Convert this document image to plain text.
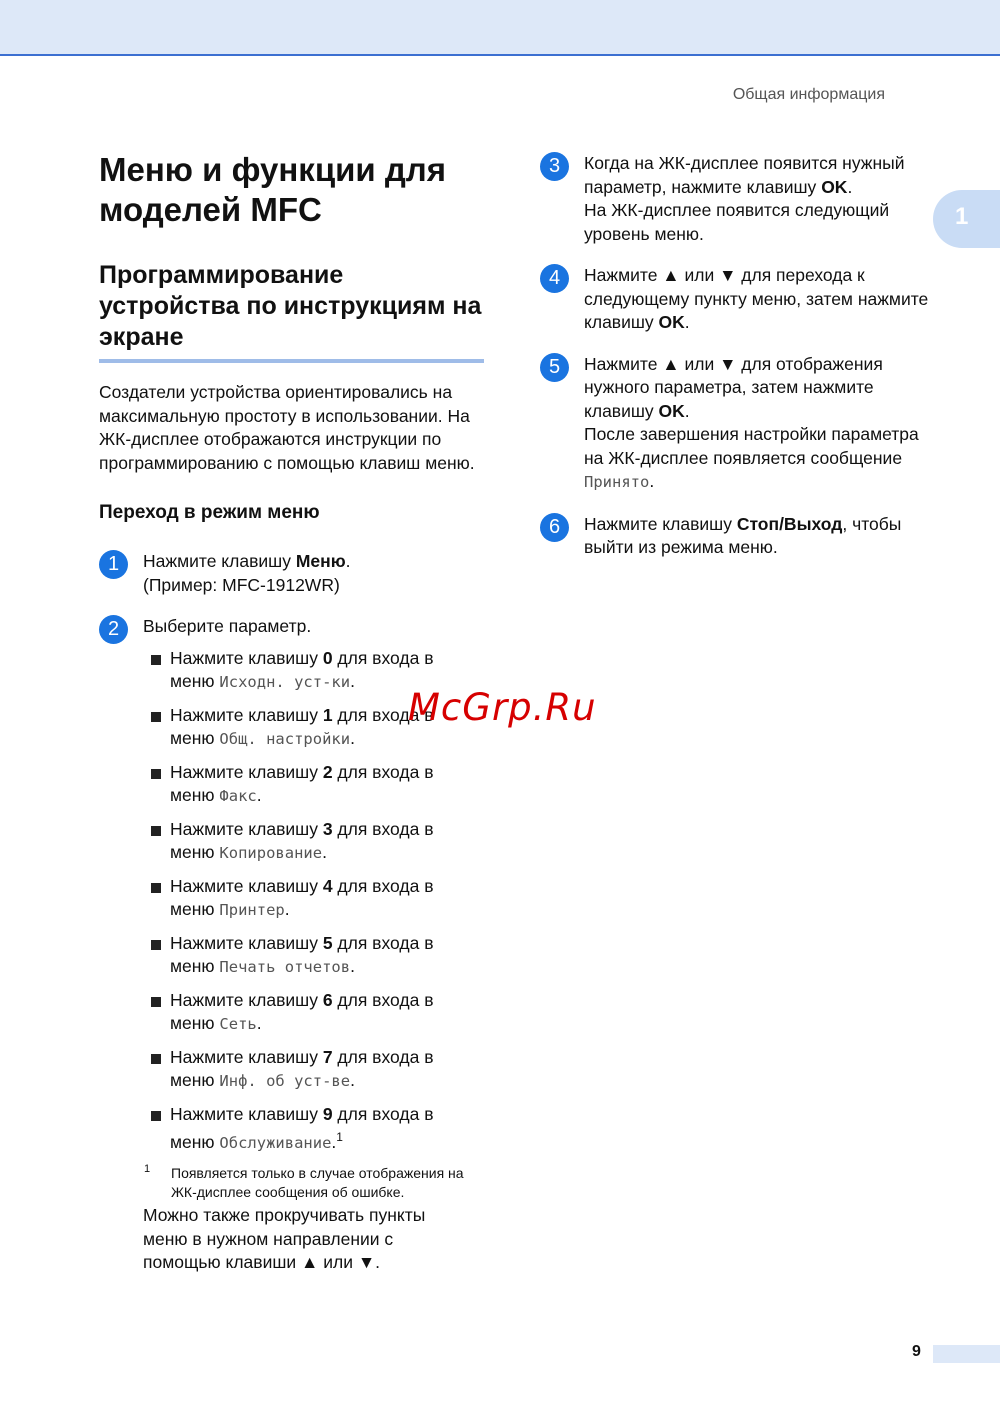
Общая информация
1
Меню и функции для моделей MFC
Программирование устройства по инструкциям на экране
Создатели устройства ориентировались на максимальную простоту в использовании. На ЖК-дисплее отображаются инструкции по программированию с помощью клавиш меню.
Переход в режим меню
1	Нажмите клавишу Меню.
(Пример: MFC-1912WR)
2	Выберите параметр.
Нажмите клавишу 0 для входа в меню Исходн. уст-ки.
Нажмите клавишу 1 для входа в меню Общ. настройки.
Нажмите клавишу 2 для входа в меню Факс.
Нажмите клавишу 3 для входа в меню Копирование.
Нажмите клавишу 4 для входа в меню Принтер.
Нажмите клавишу 5 для входа в меню Печать отчетов.
Нажмите клавишу 6 для входа в меню Сеть.
Нажмите клавишу 7 для входа в меню Инф. об уст-ве.
Нажмите клавишу 9 для входа в меню Обслуживание.$^1$
1 Появляется только в случае отображения на ЖК-дисплее сообщения об ошибке.
Можно также прокручивать пункты меню в нужном направлении с помощью клавиши ▲ или ▼.
3	Когда на ЖК-дисплее появится нужный параметр, нажмите клавишу OK.
На ЖК-дисплее появится следующий уровень меню.
4	Нажмите ▲ или ▼ для перехода к следующему пункту меню, затем нажмите клавишу OK.
5	Нажмите ▲ или ▼ для отображения нужного параметра, затем нажмите клавишу OK.
После завершения настройки параметра на ЖК-дисплее появляется сообщение Принято.
6	Нажмите клавишу Стоп/Выход, чтобы выйти из режима меню.
McGrp.Ru
9
